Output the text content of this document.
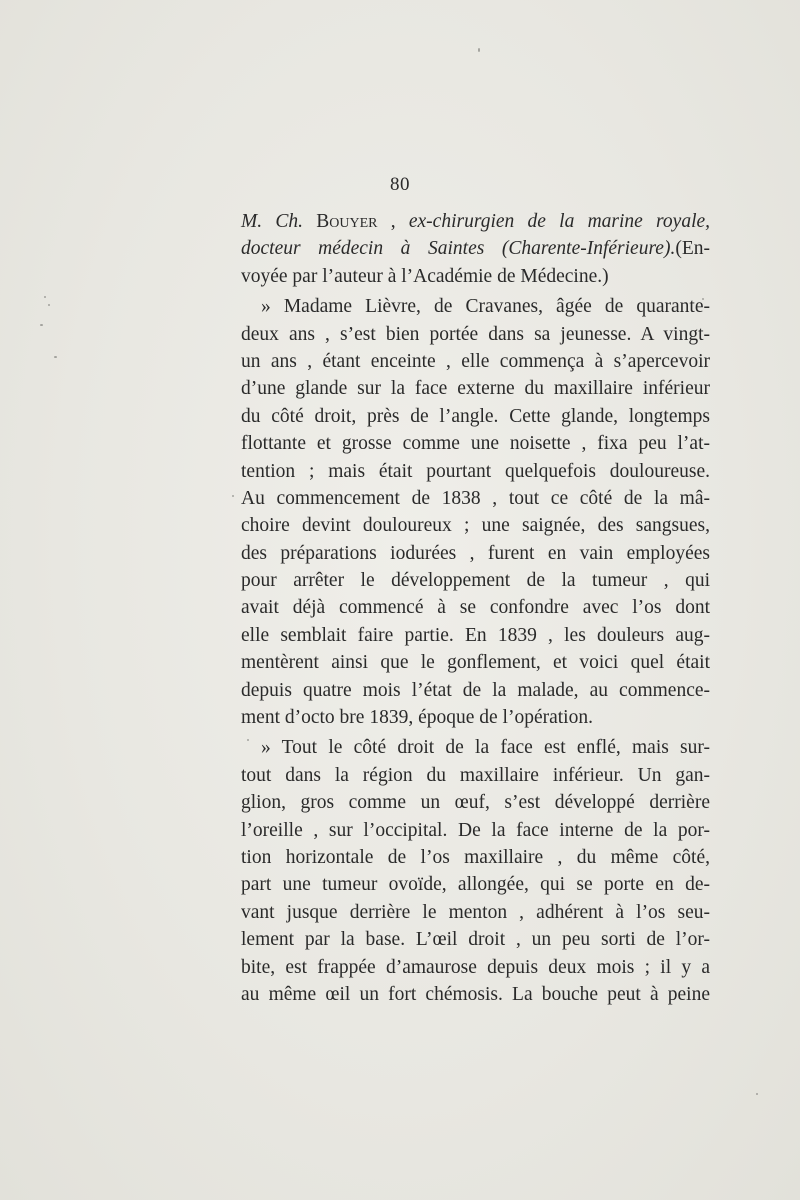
80
M. Ch. Bouyer , ex-chirurgien de la marine royale,
docteur médecin à Saintes (Charente-Inférieure).(En-
voyée par l’auteur à l’Académie de Médecine.)
» Madame Lièvre, de Cravanes, âgée de quarante-
deux ans , s’est bien portée dans sa jeunesse. A vingt-
un ans , étant enceinte , elle commença à s’apercevoir
d’une glande sur la face externe du maxillaire inférieur
du côté droit, près de l’angle. Cette glande, longtemps
flottante et grosse comme une noisette , fixa peu l’at-
tention ; mais était pourtant quelquefois douloureuse.
Au commencement de 1838 , tout ce côté de la mâ-
choire devint douloureux ; une saignée, des sangsues,
des préparations iodurées , furent en vain employées
pour arrêter le développement de la tumeur , qui
avait déjà commencé à se confondre avec l’os dont
elle semblait faire partie. En 1839 , les douleurs aug-
mentèrent ainsi que le gonflement, et voici quel était
depuis quatre mois l’état de la malade, au commence-
ment d’octo bre 1839, époque de l’opération.
» Tout le côté droit de la face est enflé, mais sur-
tout dans la région du maxillaire inférieur. Un gan-
glion, gros comme un œuf, s’est développé derrière
l’oreille , sur l’occipital. De la face interne de la por-
tion horizontale de l’os maxillaire , du même côté,
part une tumeur ovoïde, allongée, qui se porte en de-
vant jusque derrière le menton , adhérent à l’os seu-
lement par la base. L’œil droit , un peu sorti de l’or-
bite, est frappée d’amaurose depuis deux mois ; il y a
au même œil un fort chémosis. La bouche peut à peine
